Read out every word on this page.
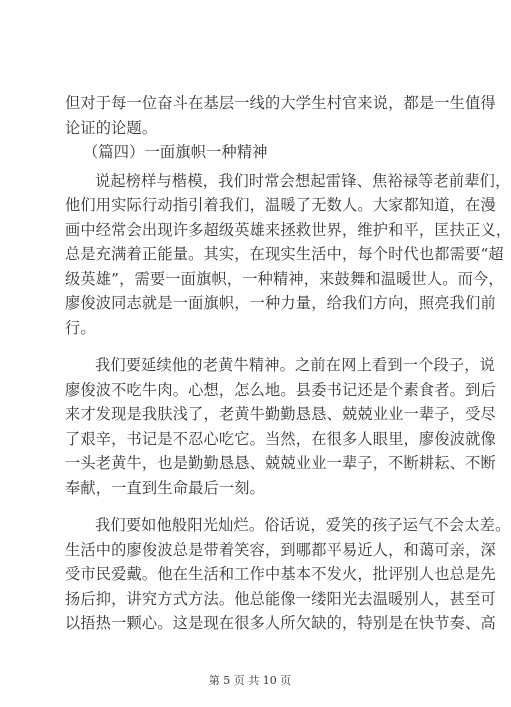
但对于每一位奋斗在基层一线的大学生村官来说，都是一生值得
论证的论题。
（篇四）一面旗帜一种精神
说起榜样与楷模，我们时常会想起雷锋、焦裕禄等老前辈们，
他们用实际行动指引着我们，温暖了无数人。大家都知道，在漫
画中经常会出现许多超级英雄来拯救世界，维护和平，匡扶正义，
总是充满着正能量。其实，在现实生活中，每个时代也都需要“超
级英雄”，需要一面旗帜，一种精神，来鼓舞和温暖世人。而今，
廖俊波同志就是一面旗帜，一种力量，给我们方向，照亮我们前
行。
我们要延续他的老黄牛精神。之前在网上看到一个段子，说
廖俊波不吃牛肉。心想，怎么地。县委书记还是个素食者。到后
来才发现是我肤浅了，老黄牛勤勤恳恳、兢兢业业一辈子，受尽
了艰辛，书记是不忍心吃它。当然，在很多人眼里，廖俊波就像
一头老黄牛，也是勤勤恳恳、兢兢业业一辈子，不断耕耘、不断
奉献，一直到生命最后一刻。
我们要如他般阳光灿烂。俗话说，爱笑的孩子运气不会太差。
生活中的廖俊波总是带着笑容，到哪都平易近人，和蔼可亲，深
受市民爱戴。他在生活和工作中基本不发火，批评别人也总是先
扬后抑，讲究方式方法。他总能像一缕阳光去温暖别人，甚至可
以捂热一颗心。这是现在很多人所欠缺的，特别是在快节奏、高
第 5 页 共 10 页
